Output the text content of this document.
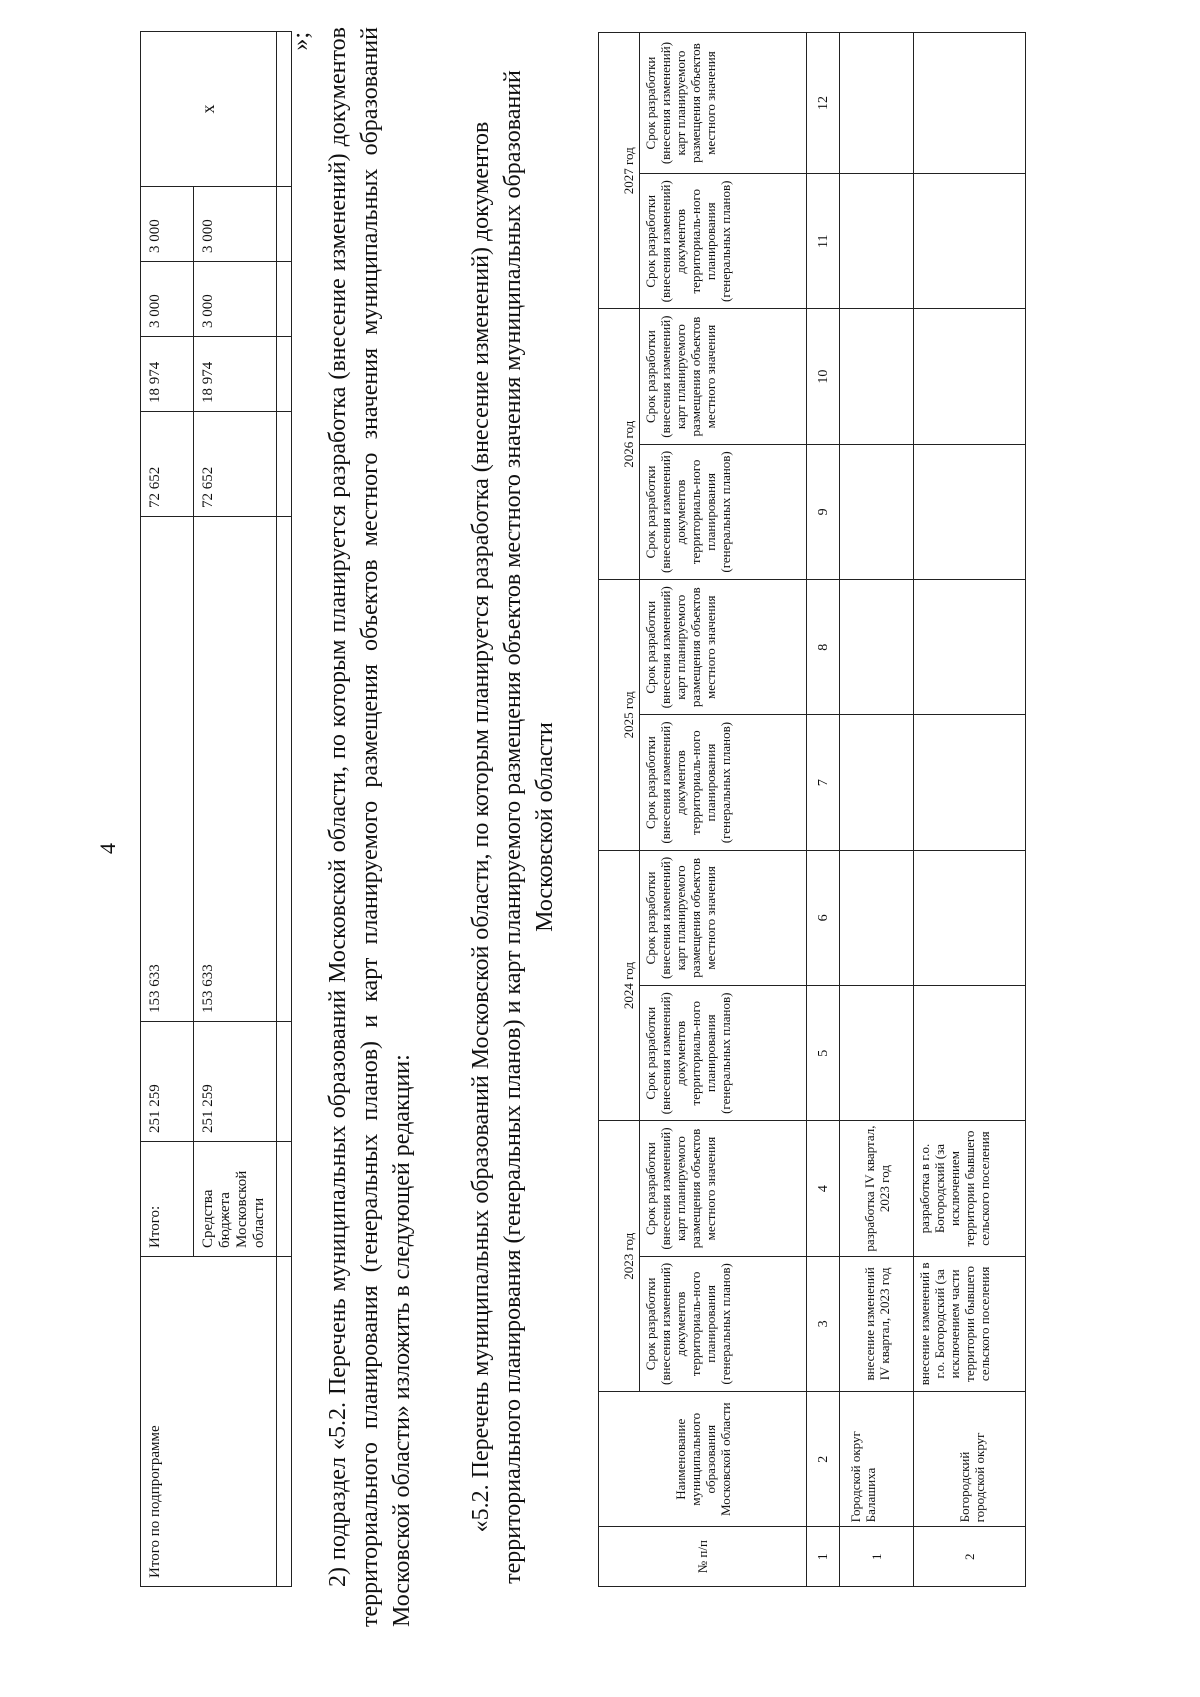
4
Итого по подпрограмме	Итого:	251 259	153 633	72 652	18 974	3 000	3 000	х
	Средства бюджета Московской области	251 259	153 633	72 652	18 974	3 000	3 000	

»; 2) подраздел «5.2. Перечень муниципальных образований Московской области, по которым планируется разработка (внесение изменений) документов территориального планирования (генеральных планов) и карт планируемого размещения объектов местного значения муниципальных образований Московской области» изложить в следующей редакции: «5.2. Перечень муниципальных образований Московской области, по которым планируется разработка (внесение изменений) документов территориального планирования (генеральных планов) и карт планируемого размещения объектов местного значения муниципальных образований Московской области
№ п/п	Наименование муниципального образования Московской области	2023 год		2024 год		2025 год		2026 год		2027 год	
		Срок разработки (внесения изменений) документов территориаль-ного планирования (генеральных планов)	Срок разработки (внесения изменений) карт планируемого размещения объектов местного значения	Срок разработки (внесения изменений) документов территориаль-ного планирования (генеральных планов)	Срок разработки (внесения изменений) карт планируемого размещения объектов местного значения	Срок разработки (внесения изменений) документов территориаль-ного планирования (генеральных планов)	Срок разработки (внесения изменений) карт планируемого размещения объектов местного значения	Срок разработки (внесения изменений) документов территориаль-ного планирования (генеральных планов)	Срок разработки (внесения изменений) карт планируемого размещения объектов местного значения	Срок разработки (внесения изменений) документов территориаль-ного планирования (генеральных планов)	Срок разработки (внесения изменений) карт планируемого размещения объектов местного значения
1	2	3	4	5	6	7	8	9	10	11	12
1	Городской округ Балашиха	внесение изменений IV квартал, 2023 год	разработка IV квартал, 2023 год								
2	Богородский городской округ	внесение изменений в г.о. Богородский (за исключением части территории бывшего сельского поселения	разработка в г.о. Богородский (за исключением территории бывшего сельского поселения								
